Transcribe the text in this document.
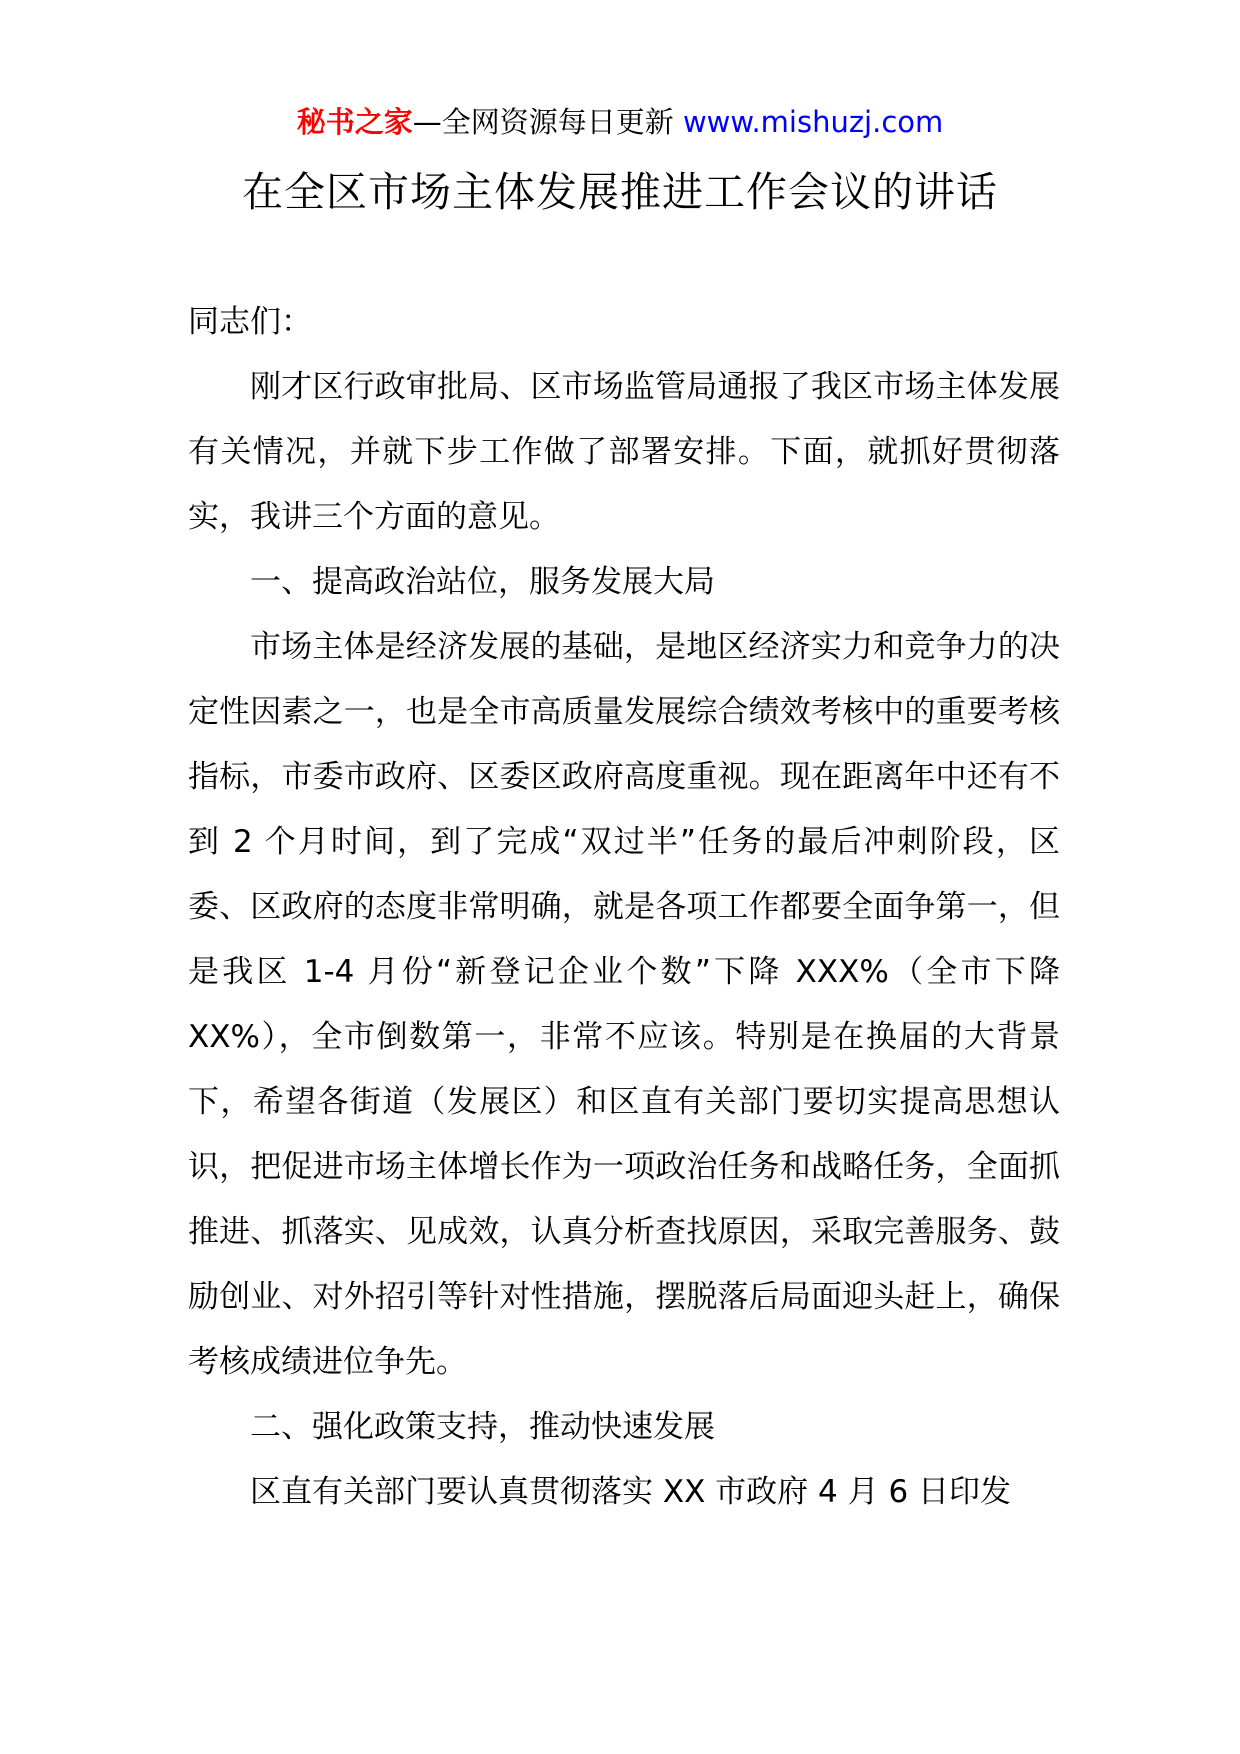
秘书之家—全网资源每日更新 www.mishuzj.com
在全区市场主体发展推进工作会议的讲话

同志们：

刚才区行政审批局、区市场监管局通报了我区市场主体发展有关情况，并就下步工作做了部署安排。下面，就抓好贯彻落实，我讲三个方面的意见。

一、提高政治站位，服务发展大局

市场主体是经济发展的基础，是地区经济实力和竞争力的决定性因素之一，也是全市高质量发展综合绩效考核中的重要考核指标，市委市政府、区委区政府高度重视。现在距离年中还有不到 2 个月时间，到了完成“双过半”任务的最后冲刺阶段，区委、区政府的态度非常明确，就是各项工作都要全面争第一，但是我区 1-4 月份“新登记企业个数”下降 XXX%（全市下降 XX%），全市倒数第一，非常不应该。特别是在换届的大背景下，希望各街道（发展区）和区直有关部门要切实提高思想认识，把促进市场主体增长作为一项政治任务和战略任务，全面抓推进、抓落实、见成效，认真分析查找原因，采取完善服务、鼓励创业、对外招引等针对性措施，摆脱落后局面迎头赶上，确保考核成绩进位争先。

二、强化政策支持，推动快速发展

区直有关部门要认真贯彻落实 XX 市政府 4 月 6 日印发
